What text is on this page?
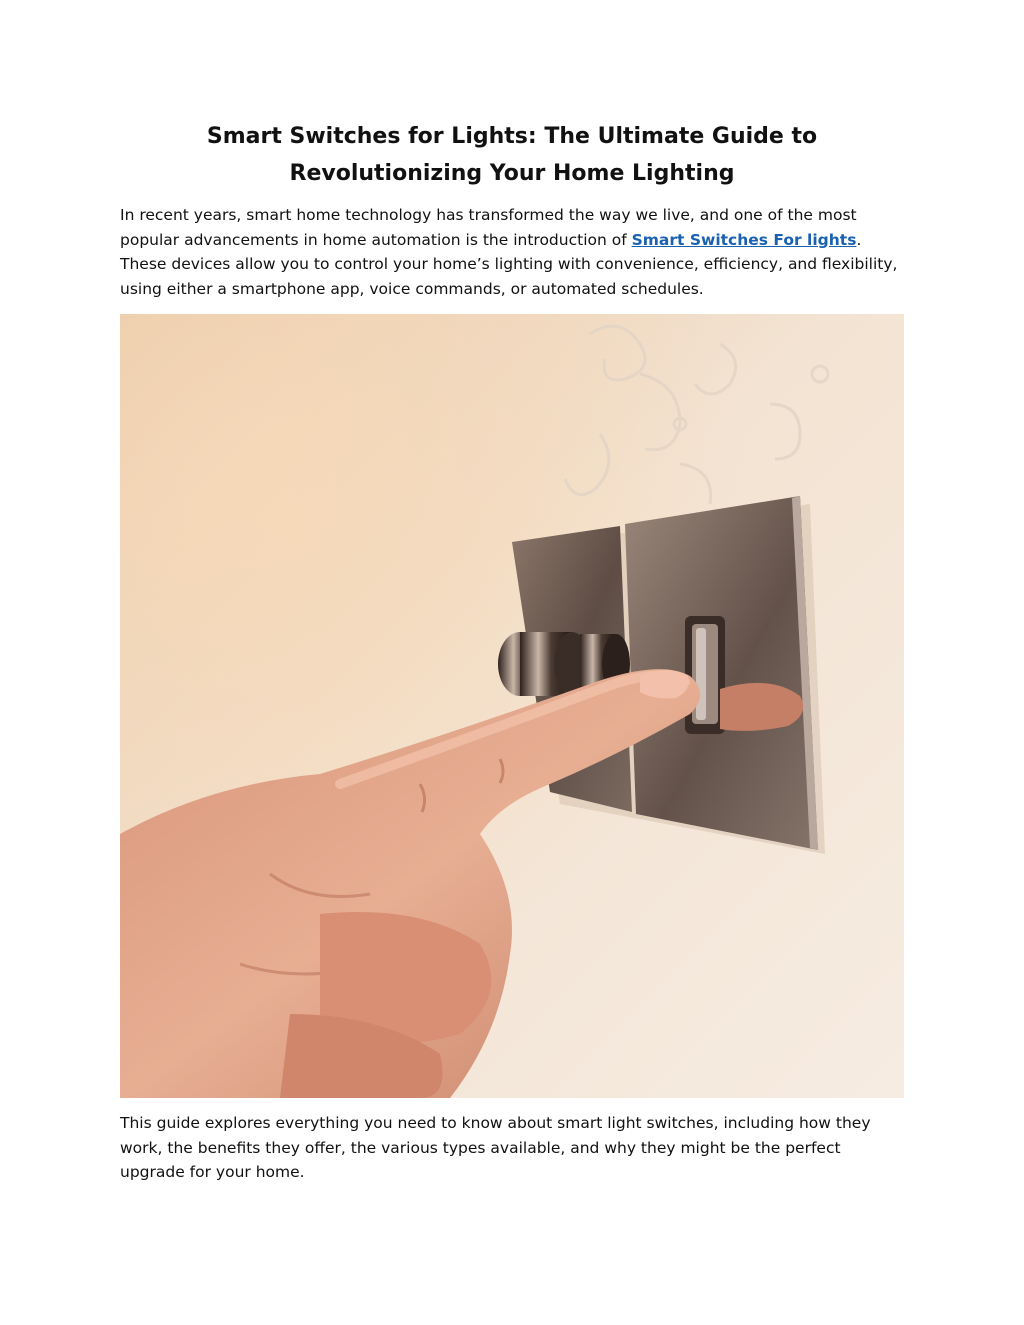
Smart Switches for Lights: The Ultimate Guide to Revolutionizing Your Home Lighting

In recent years, smart home technology has transformed the way we live, and one of the most popular advancements in home automation is the introduction of Smart Switches For lights. These devices allow you to control your home’s lighting with convenience, efficiency, and flexibility, using either a smartphone app, voice commands, or automated schedules.

This guide explores everything you need to know about smart light switches, including how they work, the benefits they offer, the various types available, and why they might be the perfect upgrade for your home.
